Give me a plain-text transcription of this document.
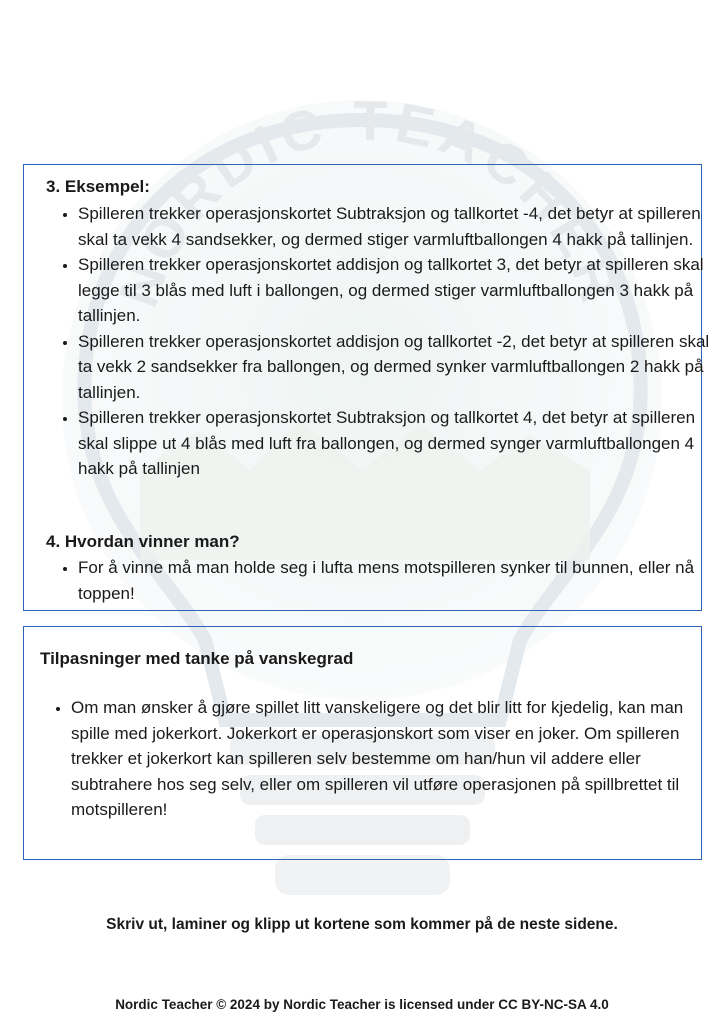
NORDIC TEACHER
3. Eksempel:
• Spilleren trekker operasjonskortet Subtraksjon og tallkortet -4, det betyr at spilleren skal ta vekk 4 sandsekker, og dermed stiger varmluftballongen 4 hakk på tallinjen.
• Spilleren trekker operasjonskortet addisjon og tallkortet 3, det betyr at spilleren skal legge til 3 blås med luft i ballongen, og dermed stiger varmluftballongen 3 hakk på tallinjen.
• Spilleren trekker operasjonskortet addisjon og tallkortet -2, det betyr at spilleren skal ta vekk 2 sandsekker fra ballongen, og dermed synker varmluftballongen 2 hakk på tallinjen.
• Spilleren trekker operasjonskortet Subtraksjon og tallkortet 4, det betyr at spilleren skal slippe ut 4 blås med luft fra ballongen, og dermed synger varmluftballongen 4 hakk på tallinjen
4. Hvordan vinner man?
• For å vinne må man holde seg i lufta mens motspilleren synker til bunnen, eller nå toppen!
Tilpasninger med tanke på vanskegrad
• Om man ønsker å gjøre spillet litt vanskeligere og det blir litt for kjedelig, kan man spille med jokerkort. Jokerkort er operasjonskort som viser en joker. Om spilleren trekker et jokerkort kan spilleren selv bestemme om han/hun vil addere eller subtrahere hos seg selv, eller om spilleren vil utføre operasjonen på spillbrettet til motspilleren!
Skriv ut, laminer og klipp ut kortene som kommer på de neste sidene.
Nordic Teacher © 2024 by Nordic Teacher is licensed under CC BY-NC-SA 4.0
